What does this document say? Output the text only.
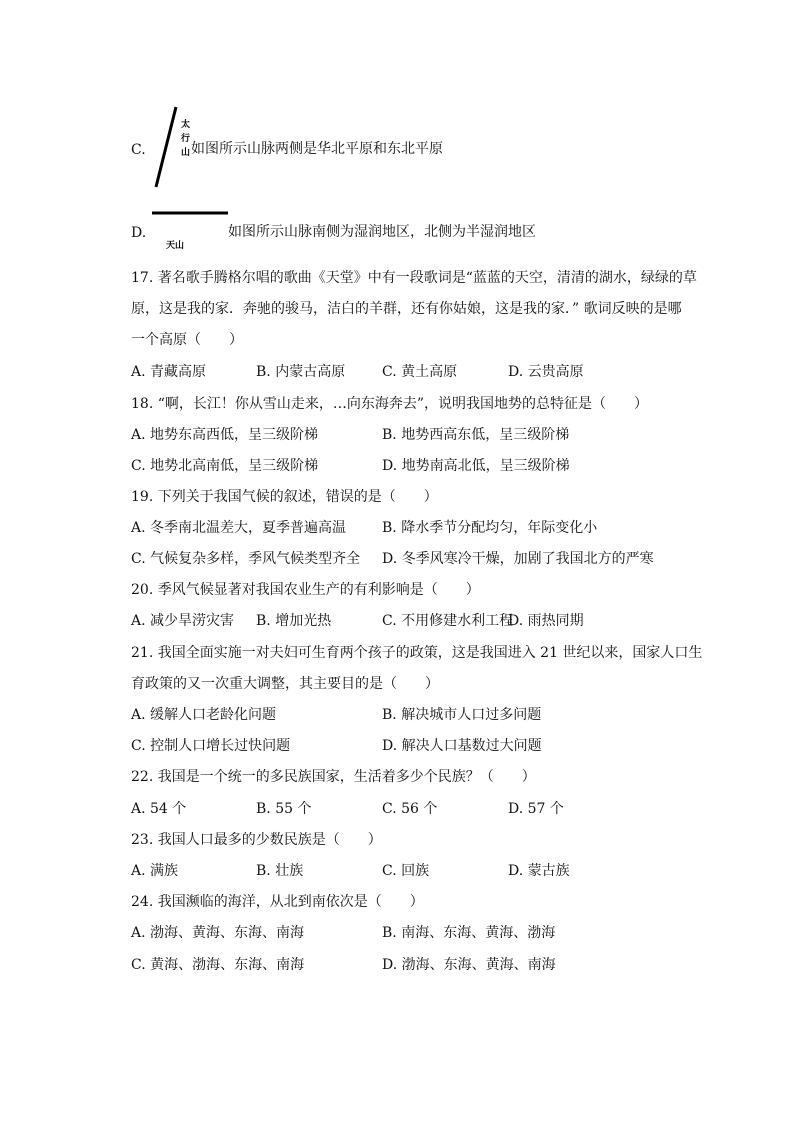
C.
太
行
山 如图所示山脉两侧是华北平原和东北平原
D.
天山
如图所示山脉南侧为湿润地区，北侧为半湿润地区
17. 著名歌手腾格尔唱的歌曲《天堂》中有一段歌词是“蓝蓝的天空，清清的湖水，绿绿的草
原，这是我的家．奔驰的骏马，洁白的羊群，还有你姑娘，这是我的家．” 歌词反映的是哪
一个高原（　　）
A. 青藏高原	B. 内蒙古高原	C. 黄土高原	D. 云贵高原
18. “啊，长江！你从雪山走来，…向东海奔去”，说明我国地势的总特征是（　　）
A. 地势东高西低，呈三级阶梯	B. 地势西高东低，呈三级阶梯
C. 地势北高南低，呈三级阶梯	D. 地势南高北低，呈三级阶梯
19. 下列关于我国气候的叙述，错误的是（　　）
A. 冬季南北温差大，夏季普遍高温	B. 降水季节分配均匀，年际变化小
C. 气候复杂多样，季风气候类型齐全 D. 冬季风寒冷干燥，加剧了我国北方的严寒
20. 季风气候显著对我国农业生产的有利影响是（　　）
A. 减少旱涝灾害 B. 增加光热	C. 不用修建水利工程
D. 雨热同期
21. 我国全面实施一对夫妇可生育两个孩子的政策，这是我国进入 21 世纪以来，国家人口生
育政策的又一次重大调整，其主要目的是（　　）
A. 缓解人口老龄化问题	B. 解决城市人口过多问题
C. 控制人口增长过快问题	D. 解决人口基数过大问题
22. 我国是一个统一的多民族国家，生活着多少个民族？（　　）
A. 54 个	B. 55 个	C. 56 个	D. 57 个
23. 我国人口最多的少数民族是（　　）
A. 满族	B. 壮族	C. 回族	D. 蒙古族
24. 我国濒临的海洋，从北到南依次是（　　）
A. 渤海、黄海、东海、南海	B. 南海、东海、黄海、渤海
C. 黄海、渤海、东海、南海	D. 渤海、东海、黄海、南海
